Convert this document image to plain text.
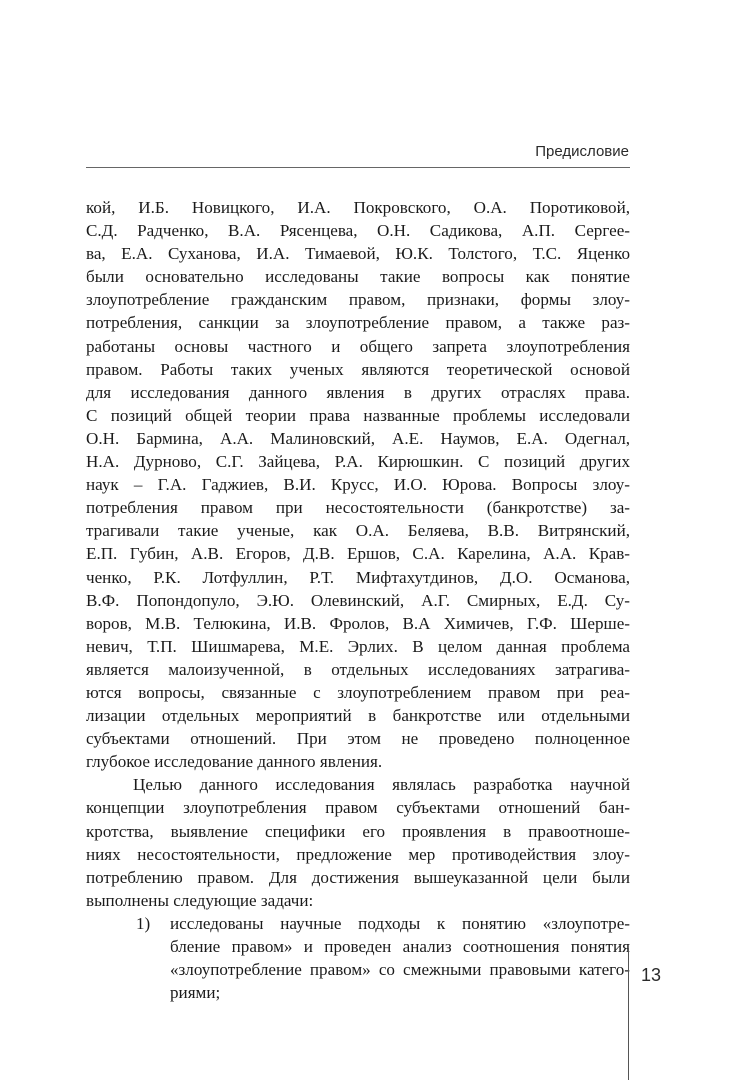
Предисловие
кой, И.Б. Новицкого, И.А. Покровского, О.А. Поротиковой,
С.Д. Радченко, В.А. Рясенцева, О.Н. Садикова, А.П. Сергее-
ва, Е.А. Суханова, И.А. Тимаевой, Ю.К. Толстого, Т.С. Яценко
были основательно исследованы такие вопросы как понятие
злоупотребление гражданским правом, признаки, формы злоу-
потребления, санкции за злоупотребление правом, а также раз-
работаны основы частного и общего запрета злоупотребления
правом. Работы таких ученых являются теоретической основой
для исследования данного явления в других отраслях права.
С позиций общей теории права названные проблемы исследовали
О.Н. Бармина, А.А. Малиновский, А.Е. Наумов, Е.А. Одегнал,
Н.А. Дурново, С.Г. Зайцева, Р.А. Кирюшкин. С позиций других
наук – Г.А. Гаджиев, В.И. Крусс, И.О. Юрова. Вопросы злоу-
потребления правом при несостоятельности (банкротстве) за-
трагивали такие ученые, как О.А. Беляева, В.В. Витрянский,
Е.П. Губин, А.В. Егоров, Д.В. Ершов, С.А. Карелина, А.А. Крав-
ченко, Р.К. Лотфуллин, Р.Т. Мифтахутдинов, Д.О. Османова,
В.Ф. Попондопуло, Э.Ю. Олевинский, А.Г. Смирных, Е.Д. Су-
воров, М.В. Телюкина, И.В. Фролов, В.А Химичев, Г.Ф. Шерше-
невич, Т.П. Шишмарева, М.Е. Эрлих. В целом данная проблема
является малоизученной, в отдельных исследованиях затрагива-
ются вопросы, связанные с злоупотреблением правом при реа-
лизации отдельных мероприятий в банкротстве или отдельными
субъектами отношений. При этом не проведено полноценное
глубокое исследование данного явления.
Целью данного исследования являлась разработка научной
концепции злоупотребления правом субъектами отношений бан-
кротства, выявление специфики его проявления в правоотноше-
ниях несостоятельности, предложение мер противодействия злоу-
потреблению правом. Для достижения вышеуказанной цели были
выполнены следующие задачи:
1) исследованы научные подходы к понятию «злоупотре-
бление правом» и проведен анализ соотношения понятия
«злоупотребление правом» со смежными правовыми катего-
риями;
13
